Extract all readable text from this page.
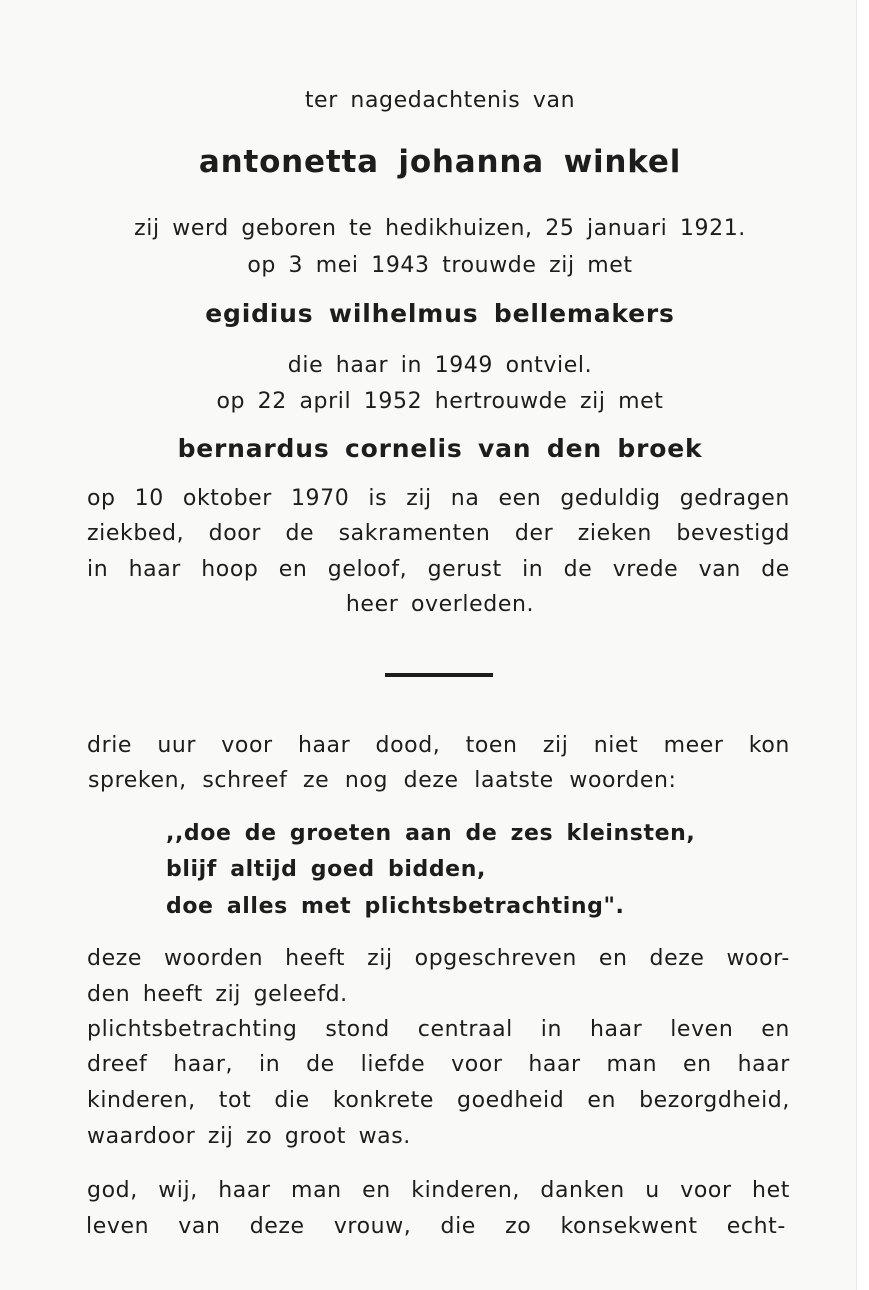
ter nagedachtenis van
antonetta johanna winkel
zij werd geboren te hedikhuizen, 25 januari 1921.
op 3 mei 1943 trouwde zij met
egidius wilhelmus bellemakers
die haar in 1949 ontviel.
op 22 april 1952 hertrouwde zij met
bernardus cornelis van den broek
op 10 oktober 1970 is zij na een geduldig gedragen
ziekbed, door de sakramenten der zieken bevestigd
in haar hoop en geloof, gerust in de vrede van de
heer overleden.
drie uur voor haar dood, toen zij niet meer kon
spreken, schreef ze nog deze laatste woorden:
,,doe de groeten aan de zes kleinsten,
blijf altijd goed bidden,
doe alles met plichtsbetrachting".
deze woorden heeft zij opgeschreven en deze woor-
den heeft zij geleefd.
plichtsbetrachting stond centraal in haar leven en
dreef haar, in de liefde voor haar man en haar
kinderen, tot die konkrete goedheid en bezorgdheid,
waardoor zij zo groot was.
god, wij, haar man en kinderen, danken u voor het
leven van deze vrouw, die zo konsekwent echt-
